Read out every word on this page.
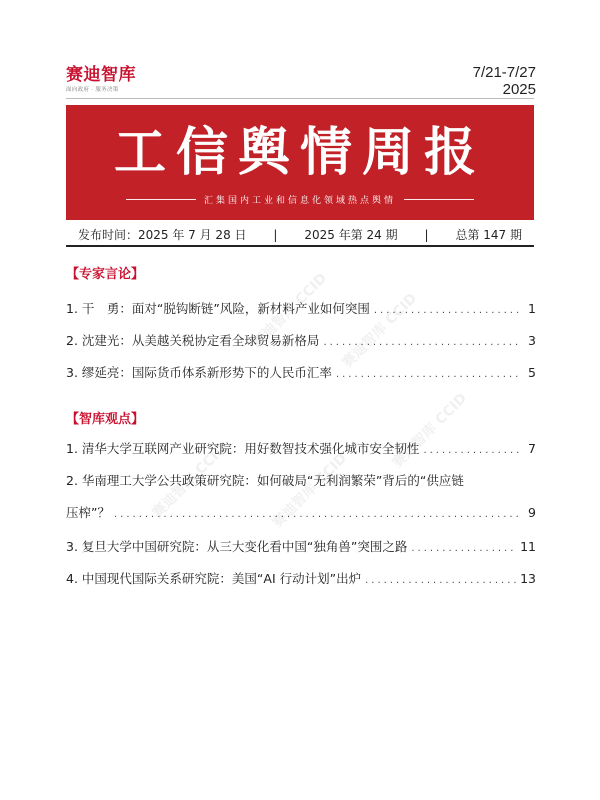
赛迪智库
面向政府 · 服务决策
7/21-7/27
2025
工信舆情周报
汇集国内工业和信息化领域热点舆情
发布时间：2025 年 7 月 28 日 | 2025 年第 24 期 | 总第 147 期
【专家言论】
1.
干　勇：面对“脱钩断链”风险，新材料产业如何突围 .....	1
2.
沈建光：从美越关税协定看全球贸易新格局 .....	3
3.
缪延亮：国际货币体系新形势下的人民币汇率 .....	5
【智库观点】
1.
清华大学互联网产业研究院：用好数智技术强化城市安全韧性 .....	7
2.
华南理工大学公共政策研究院：如何破局“无利润繁荣”背后的“供应链
压榨”？ .....	9
3.
复旦大学中国研究院：从三大变化看中国“独角兽”突围之路 .....	11
4.
中国现代国际关系研究院：美国“AI 行动计划”出炉 .....	13
赛迪智库 CCID 赛迪智库 CCID
赛迪智库 CCID	赛迪智库 CCID
赛迪智库 CCID
